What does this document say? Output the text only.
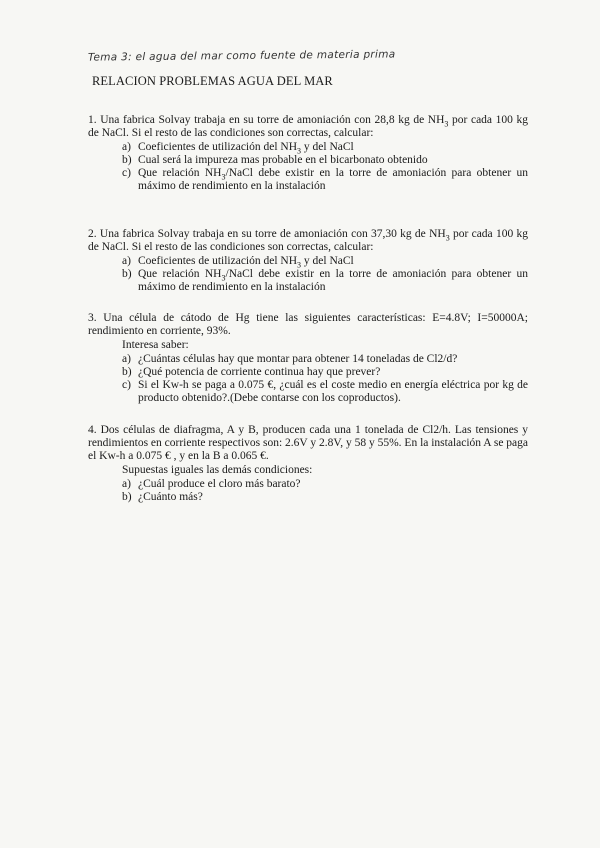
Tema 3: el agua del mar como fuente de materia prima
RELACION PROBLEMAS AGUA DEL MAR

1. Una fabrica Solvay trabaja en su torre de amoniación con 28,8 kg de $NH_3$ por cada 100 kg de NaCl. Si el resto de las condiciones son correctas, calcular:

a) Coeficientes de utilización del $NH_3$ y del NaCl
b) Cual será la impureza mas probable en el bicarbonato obtenido
c) Que relación $NH_3$/NaCl debe existir en la torre de amoniación para obtener un máximo de rendimiento en la instalación

2. Una fabrica Solvay trabaja en su torre de amoniación con 37,30 kg de $NH_3$ por cada 100 kg de NaCl. Si el resto de las condiciones son correctas, calcular:

a) Coeficientes de utilización del $NH_3$ y del NaCl
b) Que relación $NH_3$/NaCl debe existir en la torre de amoniación para obtener un máximo de rendimiento en la instalación

3. Una célula de cátodo de Hg tiene las siguientes características: E=4.8V; I=50000A; rendimiento en corriente, 93%.

Interesa saber:
a) ¿Cuántas células hay que montar para obtener 14 toneladas de Cl2/d?
b) ¿Qué potencia de corriente continua hay que prever?
c) Si el Kw-h se paga a 0.075 €, ¿cuál es el coste medio en energía eléctrica por kg de producto obtenido?.(Debe contarse con los coproductos).

4. Dos células de diafragma, A y B, producen cada una 1 tonelada de Cl2/h. Las tensiones y rendimientos en corriente respectivos son: 2.6V y 2.8V, y 58 y 55%. En la instalación A se paga el Kw-h a 0.075 € , y en la B a 0.065 €.

Supuestas iguales las demás condiciones:
a) ¿Cuál produce el cloro más barato?
b) ¿Cuánto más?
